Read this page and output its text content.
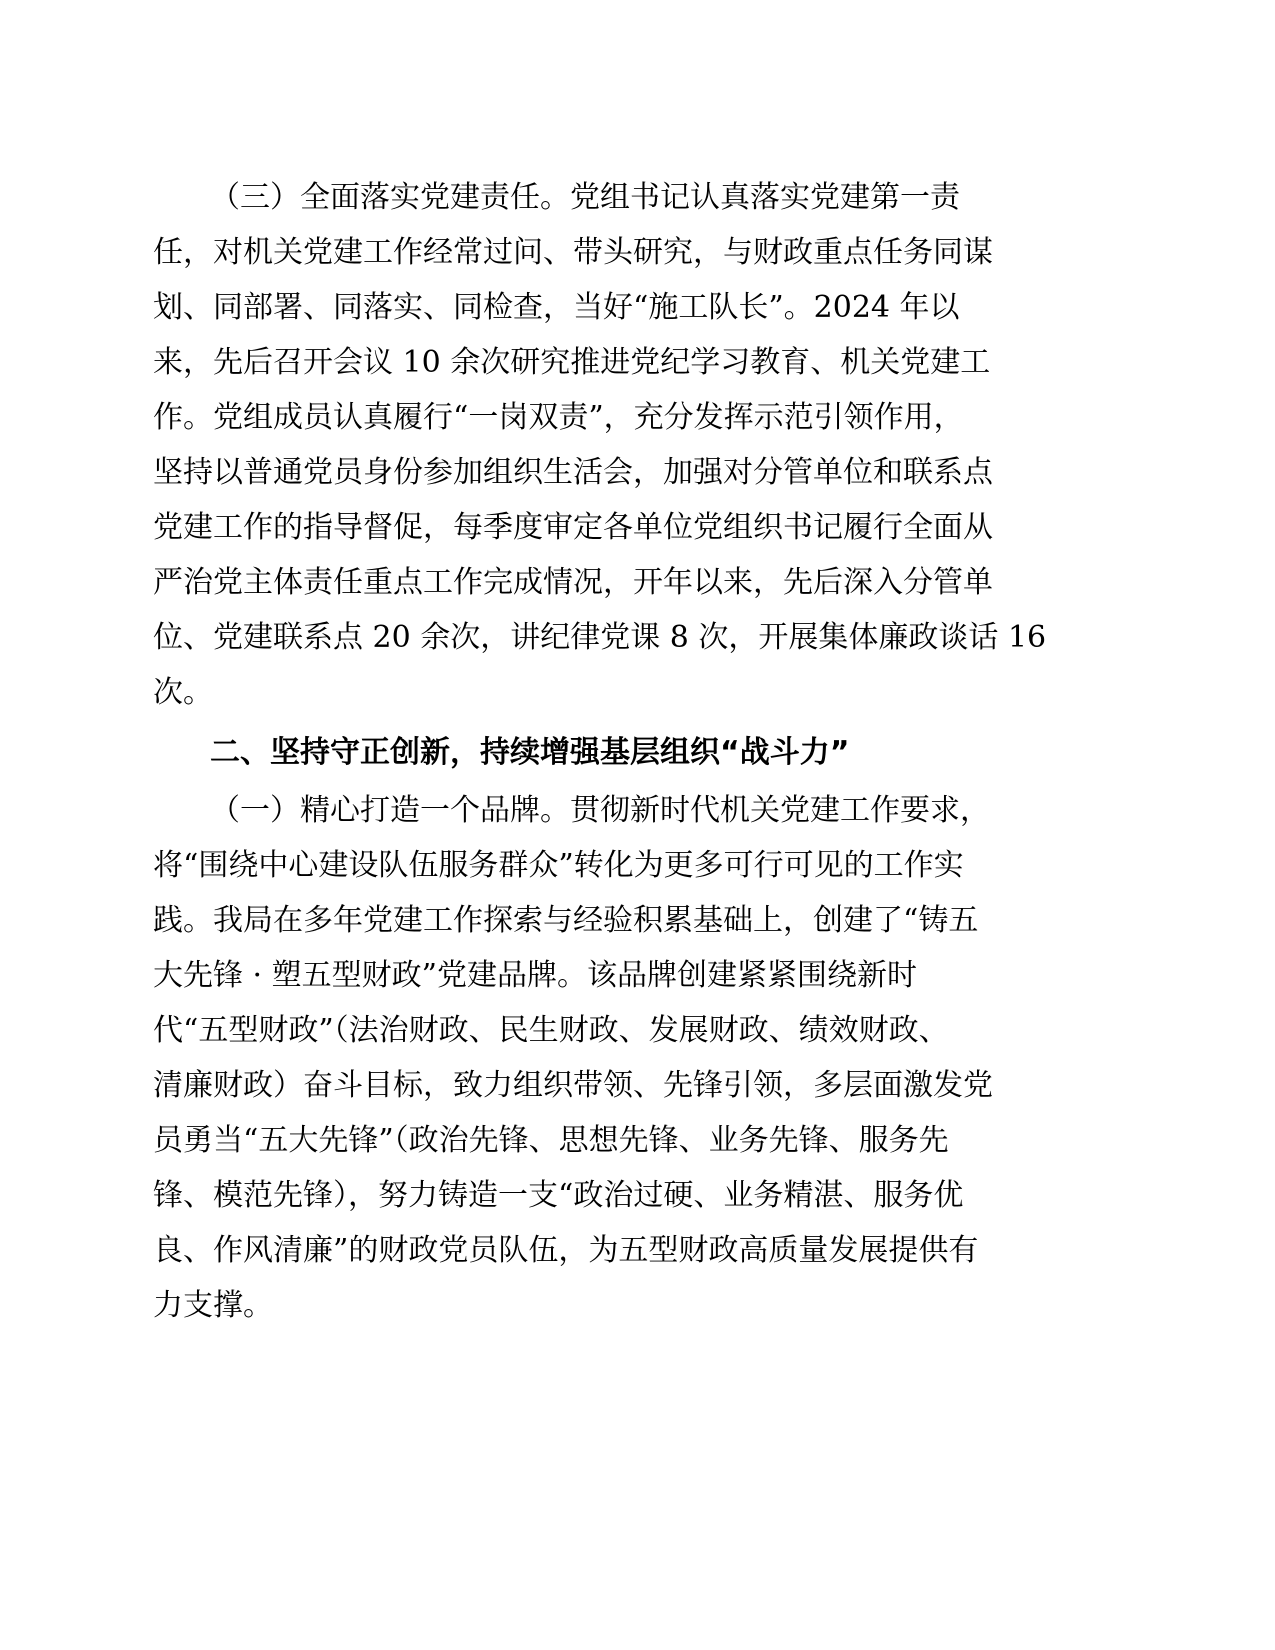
（三）全面落实党建责任。党组书记认真落实党建第一责
任，对机关党建工作经常过问、带头研究，与财政重点任务同谋
划、同部署、同落实、同检查，当好“施工队长”。2024 年以
来，先后召开会议 10 余次研究推进党纪学习教育、机关党建工
作。党组成员认真履行“一岗双责”，充分发挥示范引领作用，
坚持以普通党员身份参加组织生活会，加强对分管单位和联系点
党建工作的指导督促，每季度审定各单位党组织书记履行全面从
严治党主体责任重点工作完成情况，开年以来，先后深入分管单
位、党建联系点 20 余次，讲纪律党课 8 次，开展集体廉政谈话 16
次。
二、坚持守正创新，持续增强基层组织“战斗力”
（一）精心打造一个品牌。贯彻新时代机关党建工作要求，
将“围绕中心建设队伍服务群众”转化为更多可行可见的工作实
践。我局在多年党建工作探索与经验积累基础上，创建了“铸五
大先锋 · 塑五型财政”党建品牌。该品牌创建紧紧围绕新时
代“五型财政”（法治财政、民生财政、发展财政、绩效财政、
清廉财政）奋斗目标，致力组织带领、先锋引领，多层面激发党
员勇当“五大先锋”（政治先锋、思想先锋、业务先锋、服务先
锋、模范先锋），努力铸造一支“政治过硬、业务精湛、服务优
良、作风清廉”的财政党员队伍，为五型财政高质量发展提供有
力支撑。
